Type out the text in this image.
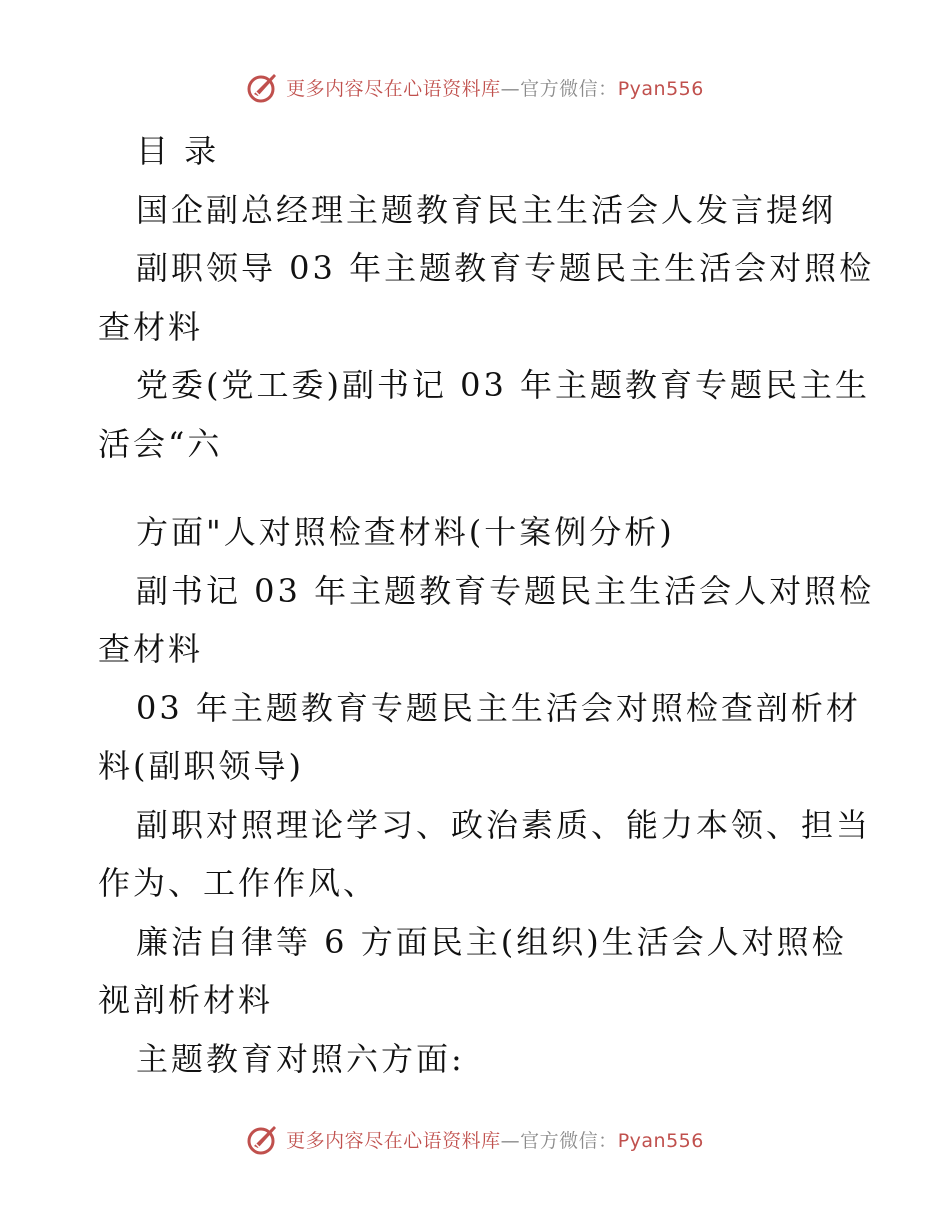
更多内容尽在心语资料库—官方微信：Pyan556
目 录
国企副总经理主题教育民主生活会人发言提纲
副职领导 03 年主题教育专题民主生活会对照检
查材料
党委(党工委)副书记 03 年主题教育专题民主生
活会“六
方面"人对照检查材料(十案例分析)
副书记 03 年主题教育专题民主生活会人对照检
查材料
03 年主题教育专题民主生活会对照检查剖析材
料(副职领导)
副职对照理论学习、政治素质、能力本领、担当
作为、工作作风、
廉洁自律等 6 方面民主(组织)生活会人对照检
视剖析材料
主题教育对照六方面:
更多内容尽在心语资料库—官方微信：Pyan556
